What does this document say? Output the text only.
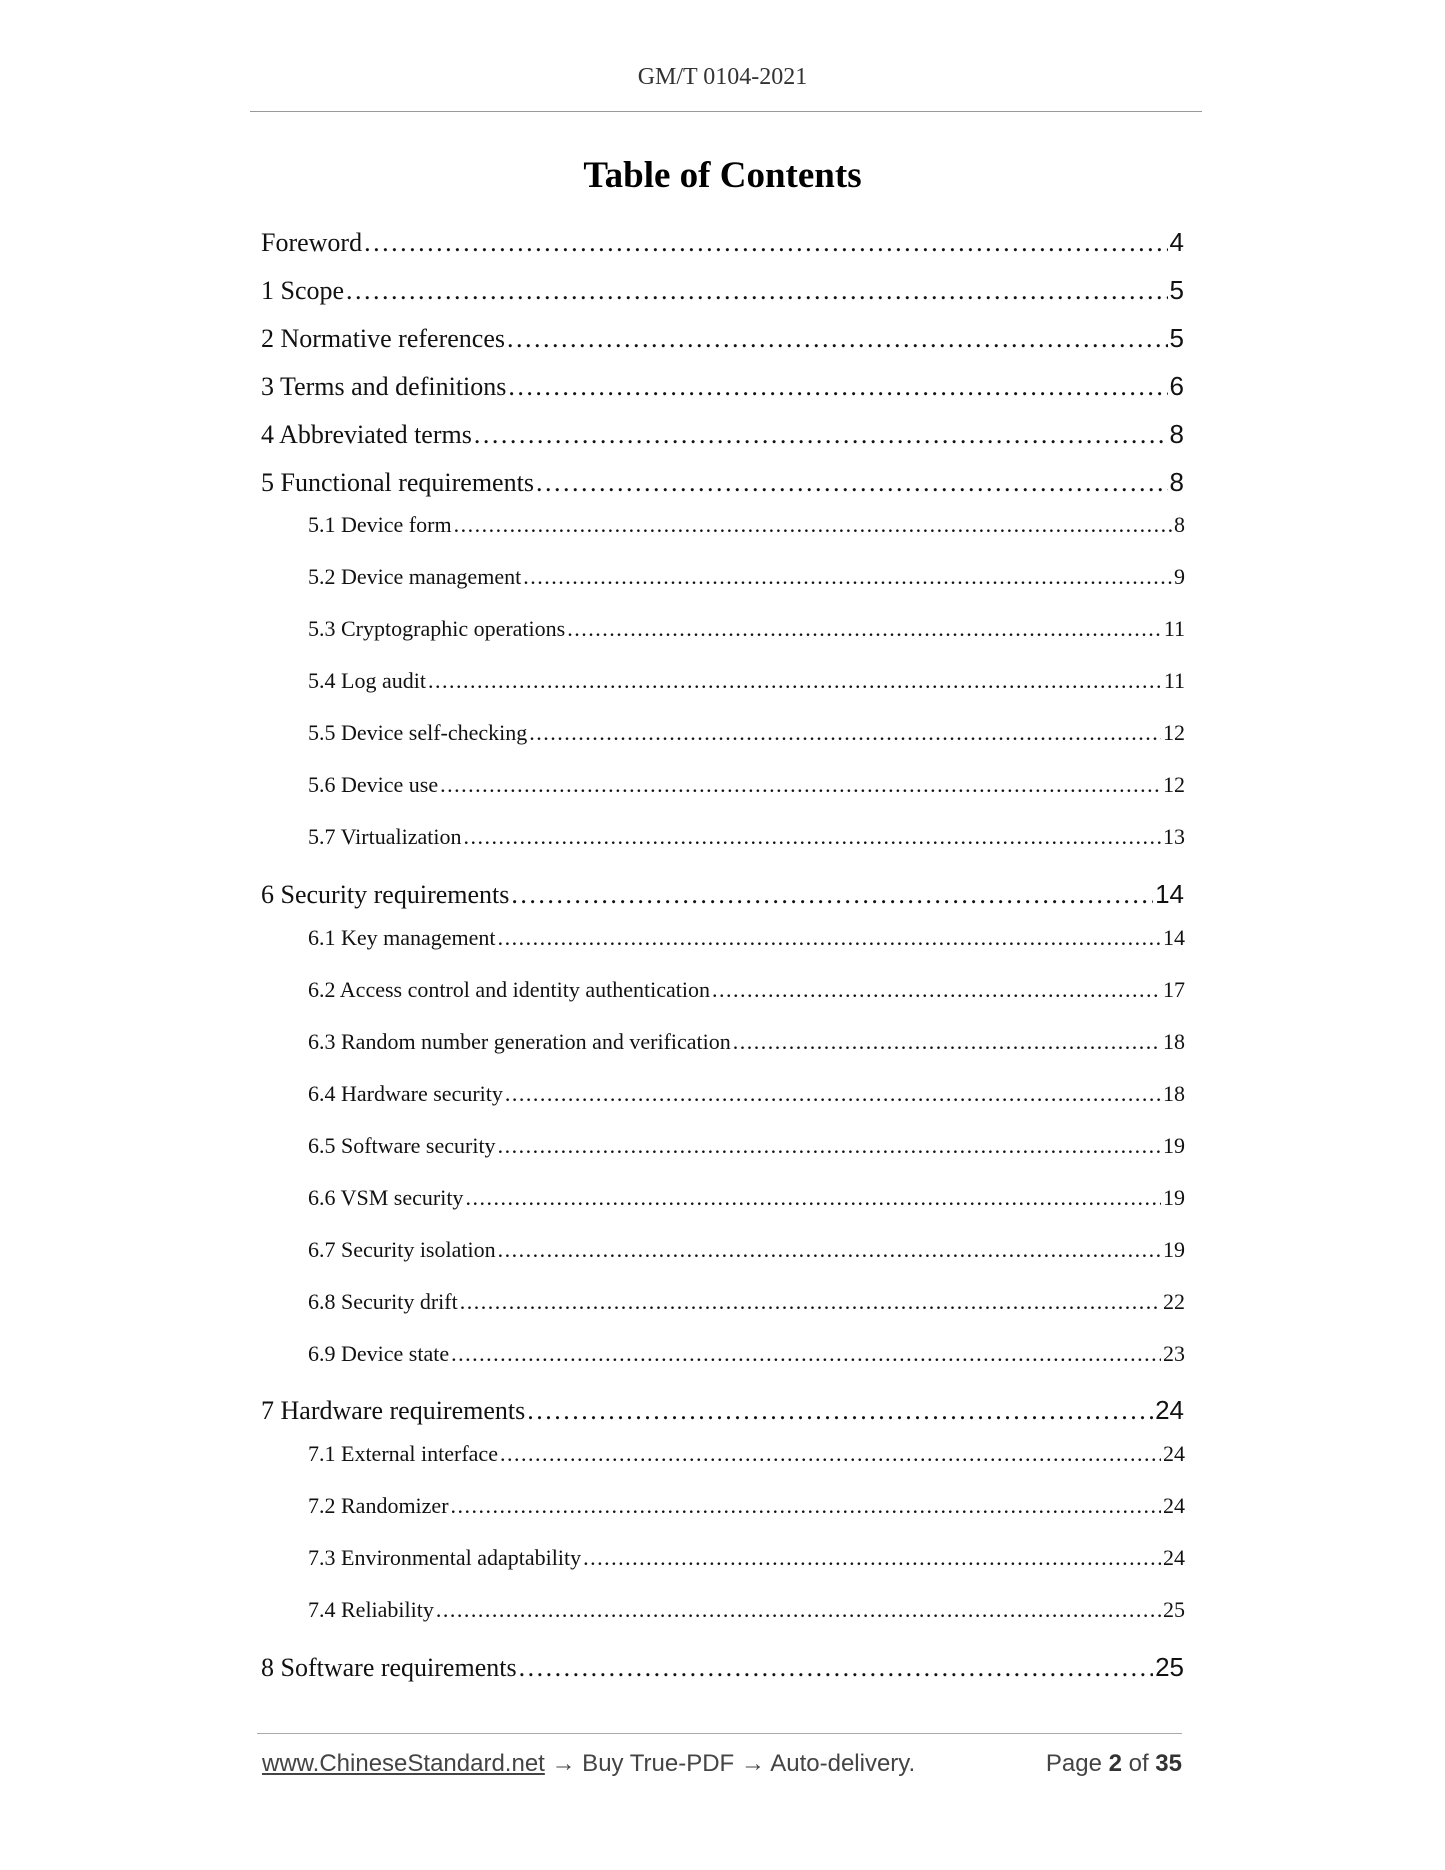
GM/T 0104-2021
Table of Contents
Foreword . . .	4
1 Scope . . .	5
2 Normative references . . .	5
3 Terms and definitions . . .	6
4 Abbreviated terms . . .	8
5 Functional requirements . . .	8
5.1 Device form . . .	8
5.2 Device management . . .	9
5.3 Cryptographic operations . . .	11
5.4 Log audit . . .	11
5.5 Device self-checking . . .	12
5.6 Device use . . .	12
5.7 Virtualization . . .	13
6 Security requirements . . .	14
6.1 Key management . . .	14
6.2 Access control and identity authentication . . .	17
6.3 Random number generation and verification . . .	18
6.4 Hardware security . . .	18
6.5 Software security . . .	19
6.6 VSM security . . .	19
6.7 Security isolation . . .	19
6.8 Security drift . . .	22
6.9 Device state . . .	23
7 Hardware requirements . . .	24
7.1 External interface . . .	24
7.2 Randomizer . . .	24
7.3 Environmental adaptability . . .	24
7.4 Reliability . . .	25
8 Software requirements . . .	25
www.ChineseStandard.net → Buy True-PDF → Auto-delivery.	Page 2 of 35
